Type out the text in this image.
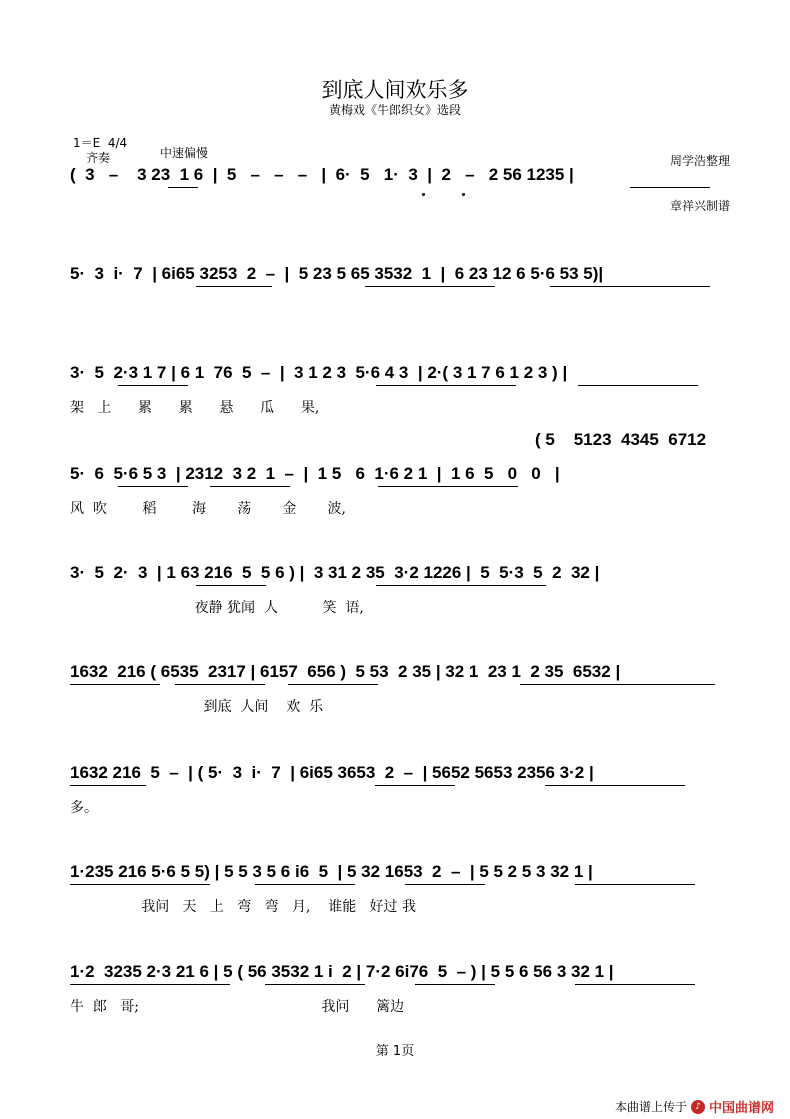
到底人间欢乐多
黄梅戏《牛郎织女》选段
1＝E  4/4
齐奏	中速偏慢

周学浩整理

章祥兴制谱

(  3   –    3 23  1 6  |  5   –   –   –   |  6·  5   1·  3  |  2   –   2 56 1235 |
5·  3  i·  7  | 6i65 3253  2  –  |  5 23 5 65 3532  1  |  6 23 12 6 5·6 53 5)|
3·  5  2·3 1 7 | 6 1  76  5  –  |  3 1 2 3  5·6 4 3  | 2·( 3 1 7 6 1 2 3 ) |
架   上      累      累      悬      瓜      果,
( 5    5123  4345  6712
5·  6  5·6 5 3  | 2312  3 2  1  –  |  1 5   6  1·6 2 1  |  1 6  5   0   0   |
风  吹        稻        海       荡       金       波,
3·  5  2·  3  | 1 63 216  5  5 6 ) |  3 31 2 35  3·2 1226 |  5  5·3  5  2  32 |
夜静 犹闻  人          笑  语,
1632  216 ( 6535  2317 | 6157  656 )  5 53  2 35 | 32 1  23 1  2 35  6532 |
到底  人间    欢  乐
1632 216  5  –  | ( 5·  3  i·  7  | 6i65 3653  2  –  | 5652 5653 2356 3·2 |
多。
1·235 216 5·6 5 5) | 5 5 3 5 6 i6  5  | 5 32 1653  2  –  | 5 5 2 5 3 32 1 |
我问   天   上   弯   弯   月,    谁能   好过 我
1·2  3235 2·3 21 6 | 5 ( 56 3532 1 i  2 | 7·2 6i76  5  – ) | 5 5 6 56 3 32 1 |
牛  郎   哥;                                         我问      篱边
第 1页
本曲谱上传于 ♪ 中国曲谱网
